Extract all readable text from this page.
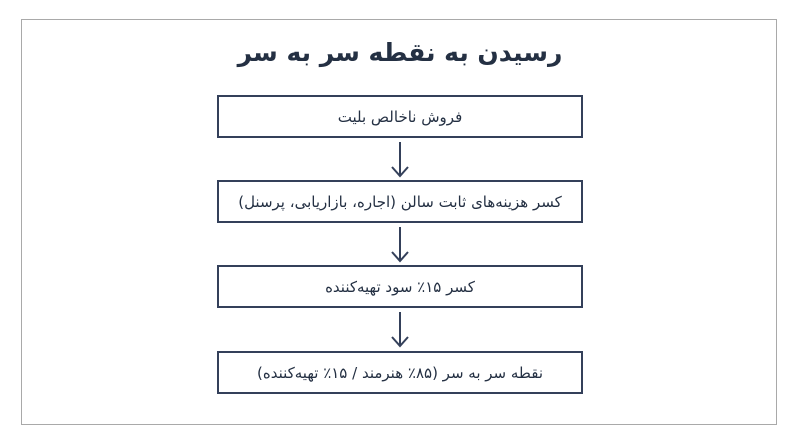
رسیدن به نقطه سر به سر
فروش ناخالص بلیت
کسر هزینه‌های ثابت سالن (اجاره، بازاریابی، پرسنل)
کسر ۱۵٪ سود تهیه‌کننده
نقطه سر به سر (۸۵٪ هنرمند / ۱۵٪ تهیه‌کننده)
